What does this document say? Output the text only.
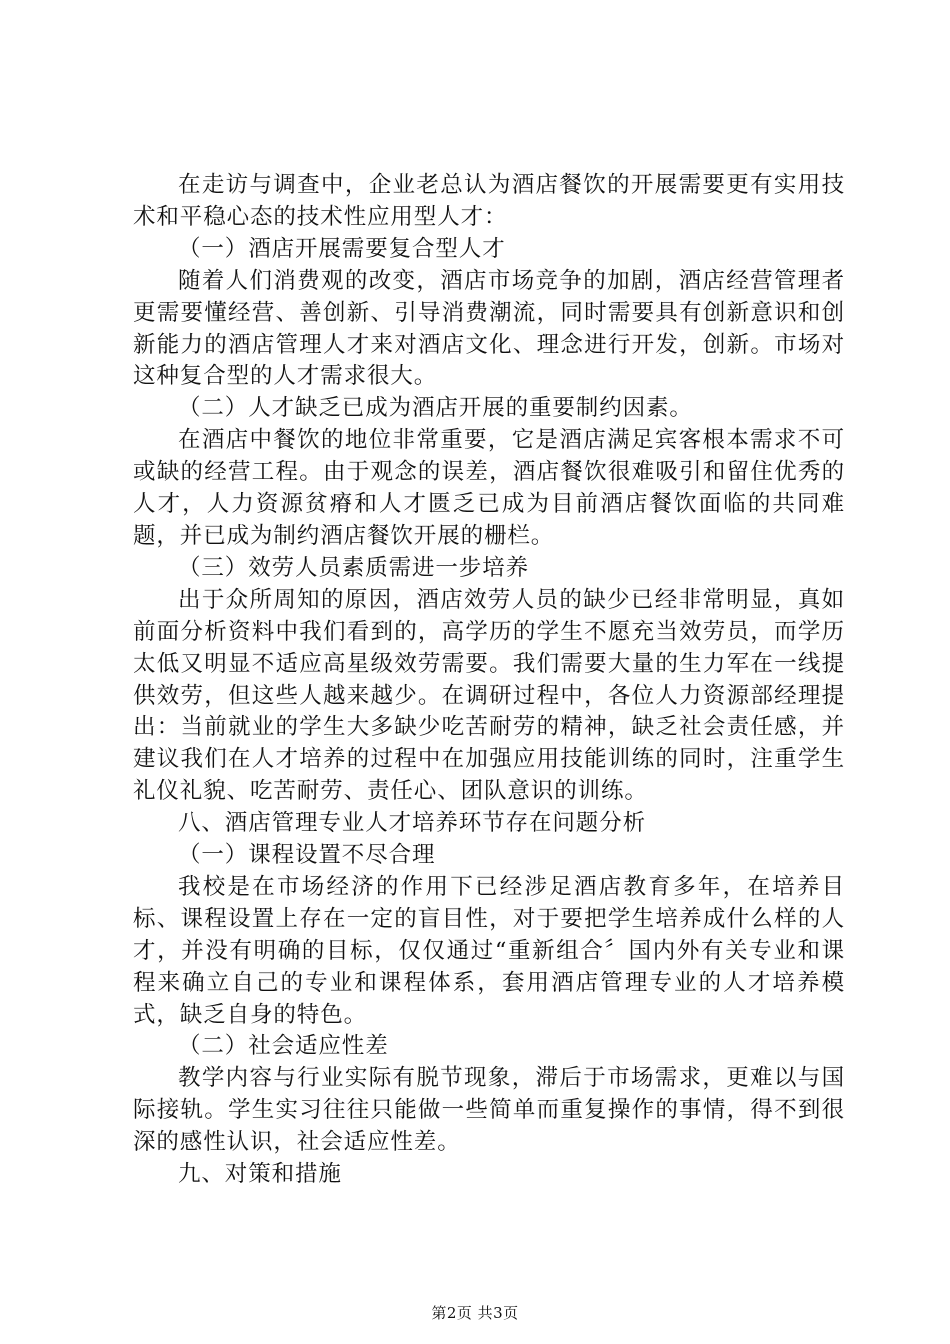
在走访与调查中，企业老总认为酒店餐饮的开展需要更有实用技术和平稳心态的技术性应用型人才：

（一）酒店开展需要复合型人才

随着人们消费观的改变，酒店市场竞争的加剧，酒店经营管理者更需要懂经营、善创新、引导消费潮流，同时需要具有创新意识和创新能力的酒店管理人才来对酒店文化、理念进行开发，创新。市场对这种复合型的人才需求很大。

（二）人才缺乏已成为酒店开展的重要制约因素。

在酒店中餐饮的地位非常重要，它是酒店满足宾客根本需求不可或缺的经营工程。由于观念的误差，酒店餐饮很难吸引和留住优秀的人才，人力资源贫瘠和人才匮乏已成为目前酒店餐饮面临的共同难题，并已成为制约酒店餐饮开展的栅栏。

（三）效劳人员素质需进一步培养

出于众所周知的原因，酒店效劳人员的缺少已经非常明显，真如前面分析资料中我们看到的，高学历的学生不愿充当效劳员，而学历太低又明显不适应高星级效劳需要。我们需要大量的生力军在一线提供效劳，但这些人越来越少。在调研过程中，各位人力资源部经理提出：当前就业的学生大多缺少吃苦耐劳的精神，缺乏社会责任感，并建议我们在人才培养的过程中在加强应用技能训练的同时，注重学生礼仪礼貌、吃苦耐劳、责任心、团队意识的训练。

八、酒店管理专业人才培养环节存在问题分析

（一）课程设置不尽合理

我校是在市场经济的作用下已经涉足酒店教育多年，在培养目标、课程设置上存在一定的盲目性，对于要把学生培养成什么样的人才，并没有明确的目标，仅仅通过“重新组合〞国内外有关专业和课程来确立自己的专业和课程体系，套用酒店管理专业的人才培养模式，缺乏自身的特色。

（二）社会适应性差

教学内容与行业实际有脱节现象，滞后于市场需求，更难以与国际接轨。学生实习往往只能做一些简单而重复操作的事情，得不到很深的感性认识，社会适应性差。

九、对策和措施

第2页 共3页
